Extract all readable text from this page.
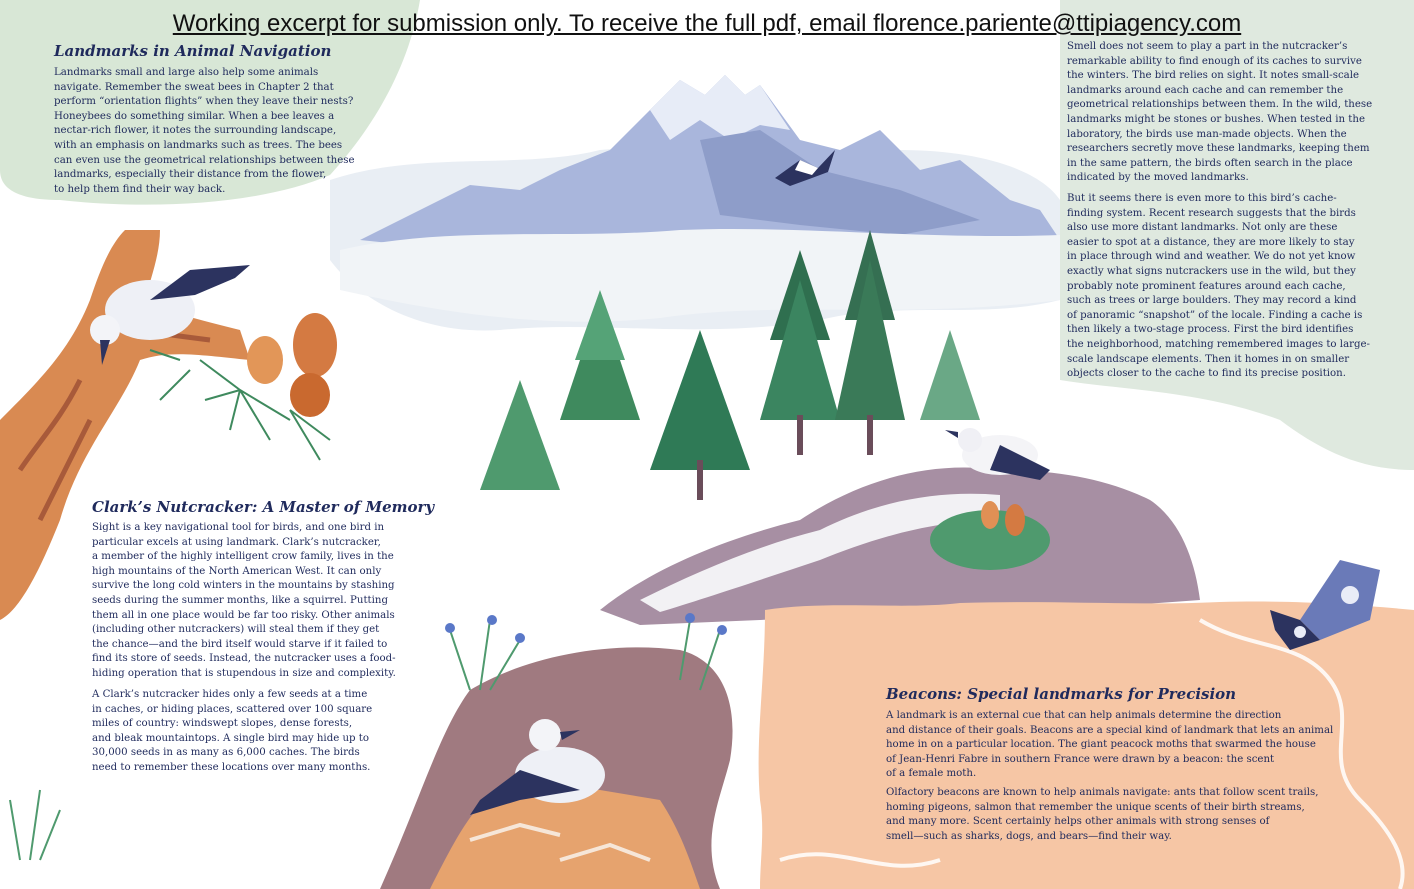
Working excerpt for submission only. To receive the full pdf, email florence.pariente@ttipiagency.com
Landmarks in Animal Navigation
Landmarks small and large also help some animals
navigate. Remember the sweat bees in Chapter 2 that
perform “orientation flights” when they leave their nests?
Honeybees do something similar. When a bee leaves a
nectar-rich flower, it notes the surrounding landscape,
with an emphasis on landmarks such as trees. The bees
can even use the geometrical relationships between these
landmarks, especially their distance from the flower,
to help them find their way back.
Smell does not seem to play a part in the nutcracker’s
remarkable ability to find enough of its caches to survive
the winters. The bird relies on sight. It notes small-scale
landmarks around each cache and can remember the
geometrical relationships between them. In the wild, these
landmarks might be stones or bushes. When tested in the
laboratory, the birds use man-made objects. When the
researchers secretly move these landmarks, keeping them
in the same pattern, the birds often search in the place
indicated by the moved landmarks.
But it seems there is even more to this bird’s cache-
finding system. Recent research suggests that the birds
also use more distant landmarks. Not only are these
easier to spot at a distance, they are more likely to stay
in place through wind and weather. We do not yet know
exactly what signs nutcrackers use in the wild, but they
probably note prominent features around each cache,
such as trees or large boulders. They may record a kind
of panoramic “snapshot” of the locale. Finding a cache is
then likely a two-stage process. First the bird identifies
the neighborhood, matching remembered images to large-
scale landscape elements. Then it homes in on smaller
objects closer to the cache to find its precise position.
Clark’s Nutcracker: A Master of Memory
Sight is a key navigational tool for birds, and one bird in
particular excels at using landmark. Clark’s nutcracker,
a member of the highly intelligent crow family, lives in the
high mountains of the North American West. It can only
survive the long cold winters in the mountains by stashing
seeds during the summer months, like a squirrel. Putting
them all in one place would be far too risky. Other animals
(including other nutcrackers) will steal them if they get
the chance—and the bird itself would starve if it failed to
find its store of seeds. Instead, the nutcracker uses a food-
hiding operation that is stupendous in size and complexity.
A Clark’s nutcracker hides only a few seeds at a time
in caches, or hiding places, scattered over 100 square
miles of country: windswept slopes, dense forests,
and bleak mountaintops. A single bird may hide up to
30,000 seeds in as many as 6,000 caches. The birds
need to remember these locations over many months.
Beacons: Special landmarks for Precision
A landmark is an external cue that can help animals determine the direction
and distance of their goals. Beacons are a special kind of landmark that lets an animal
home in on a particular location. The giant peacock moths that swarmed the house
of Jean-Henri Fabre in southern France were drawn by a beacon: the scent
of a female moth.
Olfactory beacons are known to help animals navigate: ants that follow scent trails,
homing pigeons, salmon that remember the unique scents of their birth streams,
and many more. Scent certainly helps other animals with strong senses of
smell—such as sharks, dogs, and bears—find their way.
